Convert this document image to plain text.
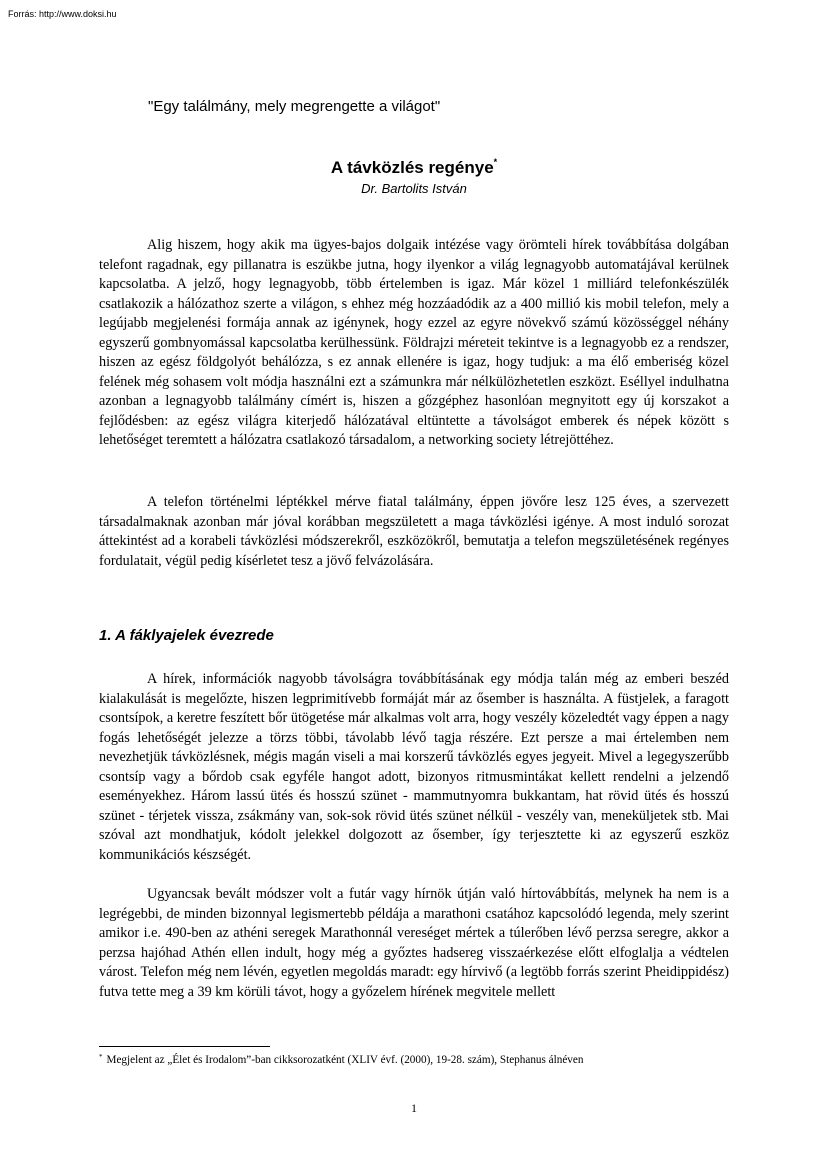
Forrás: http://www.doksi.hu

"Egy találmány, mely megrengette a világot"

A távközlés regénye*

Dr. Bartolits István

Alig hiszem, hogy akik ma ügyes-bajos dolgaik intézése vagy örömteli hírek továbbítása dolgában telefont ragadnak, egy pillanatra is eszükbe jutna, hogy ilyenkor a világ legnagyobb automatájával kerülnek kapcsolatba. A jelző, hogy legnagyobb, több értelemben is igaz. Már közel 1 milliárd telefonkészülék csatlakozik a hálózathoz szerte a világon, s ehhez még hozzáadódik az a 400 millió kis mobil telefon, mely a legújabb megjelenési formája annak az igénynek, hogy ezzel az egyre növekvő számú közösséggel néhány egyszerű gombnyomással kapcsolatba kerülhessünk. Földrajzi méreteit tekintve is a legnagyobb ez a rendszer, hiszen az egész földgolyót behálózza, s ez annak ellenére is igaz, hogy tudjuk: a ma élő emberiség közel felének még sohasem volt módja használni ezt a számunkra már nélkülözhetetlen eszközt. Eséllyel indulhatna azonban a legnagyobb találmány címért is, hiszen a gőzgéphez hasonlóan megnyitott egy új korszakot a fejlődésben: az egész világra kiterjedő hálózatával eltüntette a távolságot emberek és népek között s lehetőséget teremtett a hálózatra csatlakozó társadalom, a networking society létrejöttéhez.

A telefon történelmi léptékkel mérve fiatal találmány, éppen jövőre lesz 125 éves, a szervezett társadalmaknak azonban már jóval korábban megszületett a maga távközlési igénye. A most induló sorozat áttekintést ad a korabeli távközlési módszerekről, eszközökről, bemutatja a telefon megszületésének regényes fordulatait, végül pedig kísérletet tesz a jövő felvázolására.

1. A fáklyajelek évezrede

A hírek, információk nagyobb távolságra továbbításának egy módja talán még az emberi beszéd kialakulását is megelőzte, hiszen legprimitívebb formáját már az ősember is használta. A füstjelek, a faragott csontsípok, a keretre feszített bőr ütögetése már alkalmas volt arra, hogy veszély közeledtét vagy éppen a nagy fogás lehetőségét jelezze a törzs többi, távolabb lévő tagja részére. Ezt persze a mai értelemben nem nevezhetjük távközlésnek, mégis magán viseli a mai korszerű távközlés egyes jegyeit. Mivel a legegyszerűbb csontsíp vagy a bőrdob csak egyféle hangot adott, bizonyos ritmusmintákat kellett rendelni a jelzendő eseményekhez. Három lassú ütés és hosszú szünet - mammutnyomra bukkantam, hat rövid ütés és hosszú szünet - térjetek vissza, zsákmány van, sok-sok rövid ütés szünet nélkül - veszély van, meneküljetek stb. Mai szóval azt mondhatjuk, kódolt jelekkel dolgozott az ősember, így terjesztette ki az egyszerű eszköz kommunikációs készségét.

Ugyancsak bevált módszer volt a futár vagy hírnök útján való hírtovábbítás, melynek ha nem is a legrégebbi, de minden bizonnyal legismertebb példája a marathoni csatához kapcsolódó legenda, mely szerint amikor i.e. 490-ben az athéni seregek Marathonnál vereséget mértek a túlerőben lévő perzsa seregre, akkor a perzsa hajóhad Athén ellen indult, hogy még a győztes hadsereg visszaérkezése előtt elfoglalja a védtelen várost. Telefon még nem lévén, egyetlen megoldás maradt: egy hírvivő (a legtöbb forrás szerint Pheidippidész) futva tette meg a 39 km körüli távot, hogy a győzelem hírének megvitele mellett

* Megjelent az „Élet és Irodalom”-ban cikksorozatként (XLIV évf. (2000), 19-28. szám), Stephanus álnéven

1
